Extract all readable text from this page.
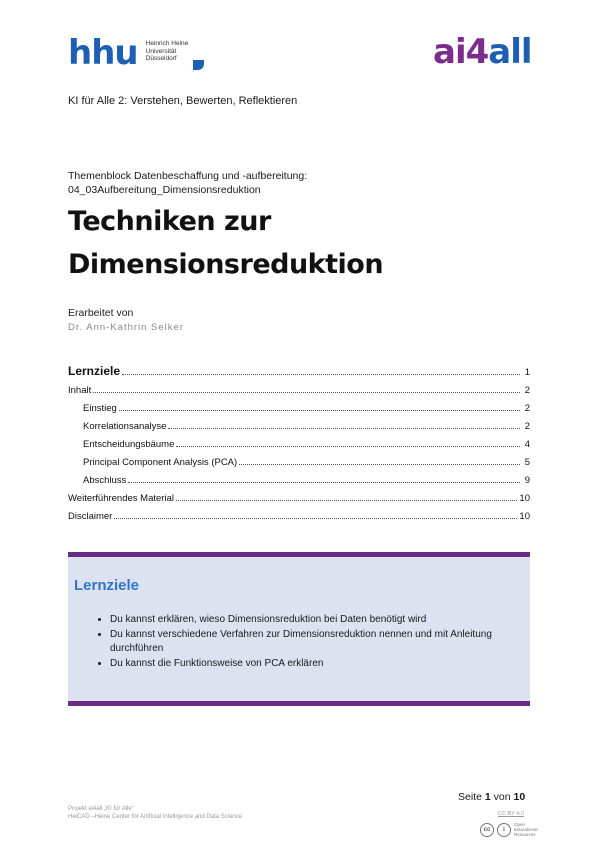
hhu Heinrich Heine
Universität
Düsseldorf	ai4all
KI für Alle 2: Verstehen, Bewerten, Reflektieren
Themenblock Datenbeschaffung und -aufbereitung:
04_03Aufbereitung_Dimensionsreduktion
Techniken zur
Dimensionsreduktion
Erarbeitet von
Dr. Ann-Kathrin Selker
Lernziele	1
Inhalt	2
Einstieg	2
Korrelationsanalyse	2
Entscheidungsbäume	4
Principal Component Analysis (PCA)	5
Abschluss	9
Weiterführendes Material	10
Disclaimer	10
Lernziele
• Du kannst erklären, wieso Dimensionsreduktion bei Daten benötigt wird
• Du kannst verschiedene Verfahren zur Dimensionsreduktion nennen und mit Anleitung durchführen
• Du kannst die Funktionsweise von PCA erklären
Seite 1 von 10
Projekt ai4all „KI für Alle“
HeiCAD –Heine Center for Artificial Intelligence and Data Science	CC BY 4.0
cc	i
Open Educational Resources
